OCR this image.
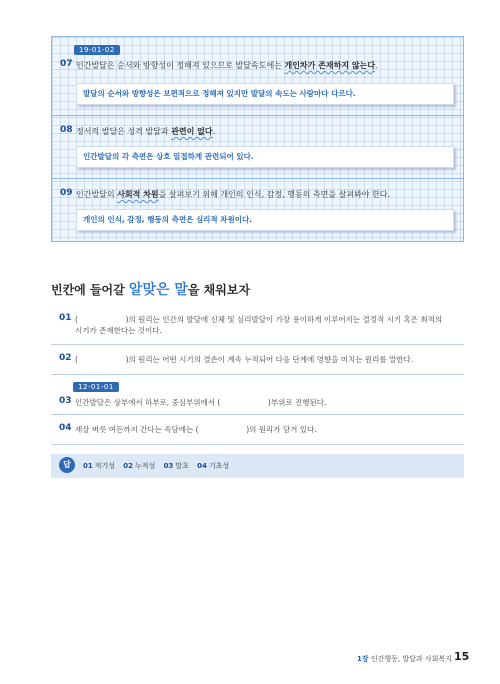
19-01-02
07 인간발달은 순서와 방향성이 정해져 있으므로 발달속도에는 개인차가 존재하지 않는다.
발달의 순서와 방향성은 보편적으로 정해져 있지만 발달의 속도는 사람마다 다르다.
08 정서적 발달은 성격 발달과 관련이 없다.
인간발달의 각 측면은 상호 밀접하게 관련되어 있다.
09 인간발달의 사회적 차원을 살펴보기 위해 개인의 인식, 감정, 행동의 측면을 살펴봐야 한다.
개인의 인식, 감정, 행동의 측면은 심리적 차원이다.
빈칸에 들어갈 알맞은 말을 채워보자
01 (                    )의 원리는 인간의 발달에 신체 및 심리발달이 가장 용이하게 이루어지는 결정적 시기 혹은 최적의
시기가 존재한다는 것이다.
02 (                    )의 원리는 어떤 시기의 결손이 계속 누적되어 다음 단계에 영향을 미치는 원리를 말한다.
12-01-01
03 인간발달은 상부에서 하부로, 중심부위에서 (                    )부위로 진행된다.
04 세살 버릇 여든까지 간다는 속담에는 (                    )의 원리가 담겨 있다.
답	01 적기성 02 누적성 03 말초 04 기초성
1장 인간행동, 발달과 사회복지 15
